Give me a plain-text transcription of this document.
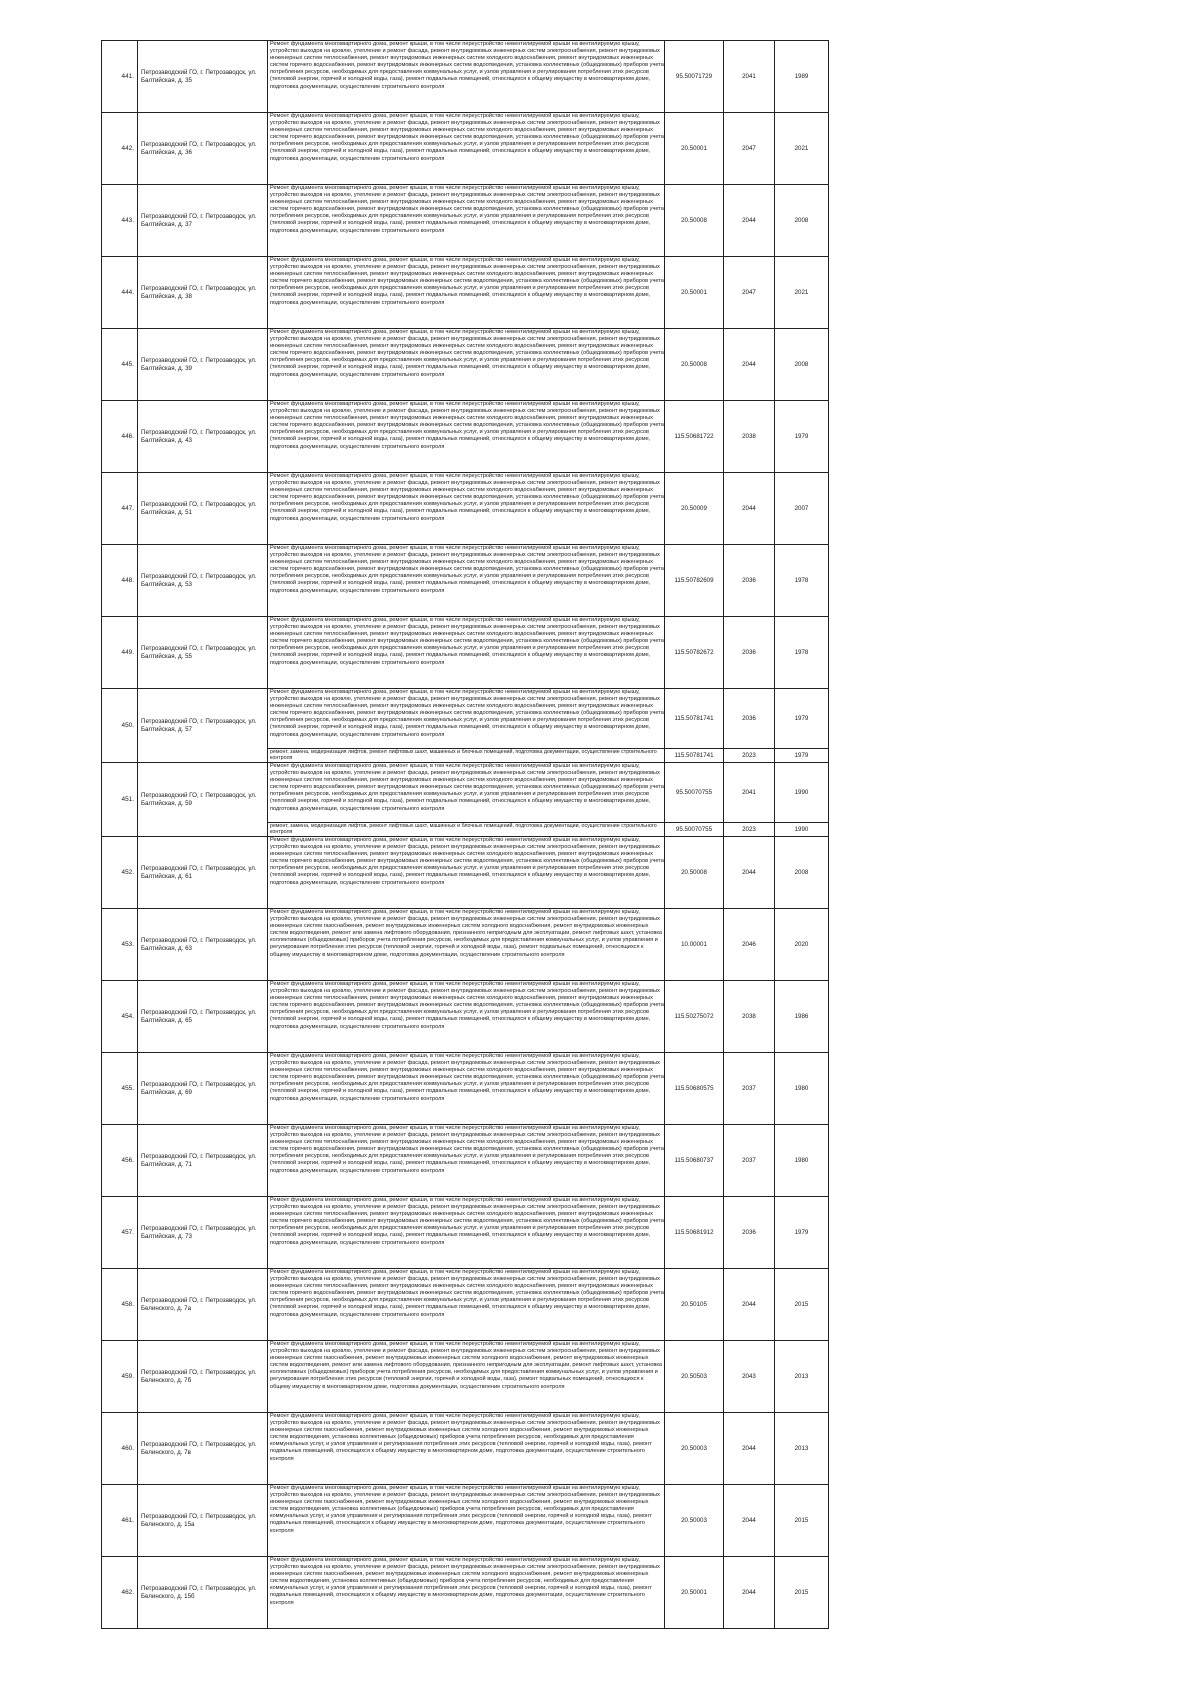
441.	Петрозаводский ГО, г. Петрозаводск, ул. Балтийская, д. 35	Ремонт фундамента многоквартирного дома, ремонт крыши, в том числе переустройство невентилируемой крыши на вентилируемую крышу, устройство выходов на кровлю, утепление и ремонт фасада, ремонт внутридомовых инженерных систем электроснабжения, ремонт внутридомовых инженерных систем теплоснабжения, ремонт внутридомовых инженерных систем холодного водоснабжения, ремонт внутридомовых инженерных систем горячего водоснабжения, ремонт внутридомовых инженерных систем водоотведения, установка коллективных (общедомовых) приборов учета потребления ресурсов, необходимых для предоставления коммунальных услуг, и узлов управления и регулирования потребления этих ресурсов (тепловой энергии, горячей и холодной воды, газа), ремонт подвальных помещений, относящихся к общему имуществу в многоквартирном доме, подготовка документации, осуществление строительного контроля	95.50071729	2041	1989
442.	Петрозаводский ГО, г. Петрозаводск, ул. Балтийская, д. 36	Ремонт фундамента многоквартирного дома, ремонт крыши, в том числе переустройство невентилируемой крыши на вентилируемую крышу, устройство выходов на кровлю, утепление и ремонт фасада, ремонт внутридомовых инженерных систем электроснабжения, ремонт внутридомовых инженерных систем теплоснабжения, ремонт внутридомовых инженерных систем холодного водоснабжения, ремонт внутридомовых инженерных систем горячего водоснабжения, ремонт внутридомовых инженерных систем водоотведения, установка коллективных (общедомовых) приборов учета потребления ресурсов, необходимых для предоставления коммунальных услуг, и узлов управления и регулирования потребления этих ресурсов (тепловой энергии, горячей и холодной воды, газа), ремонт подвальных помещений, относящихся к общему имуществу в многоквартирном доме, подготовка документации, осуществление строительного контроля	20.50001	2047	2021
443.	Петрозаводский ГО, г. Петрозаводск, ул. Балтийская, д. 37	Ремонт фундамента многоквартирного дома, ремонт крыши, в том числе переустройство невентилируемой крыши на вентилируемую крышу, устройство выходов на кровлю, утепление и ремонт фасада, ремонт внутридомовых инженерных систем электроснабжения, ремонт внутридомовых инженерных систем теплоснабжения, ремонт внутридомовых инженерных систем холодного водоснабжения, ремонт внутридомовых инженерных систем горячего водоснабжения, ремонт внутридомовых инженерных систем водоотведения, установка коллективных (общедомовых) приборов учета потребления ресурсов, необходимых для предоставления коммунальных услуг, и узлов управления и регулирования потребления этих ресурсов (тепловой энергии, горячей и холодной воды, газа), ремонт подвальных помещений, относящихся к общему имуществу в многоквартирном доме, подготовка документации, осуществление строительного контроля	20.50008	2044	2008
444.	Петрозаводский ГО, г. Петрозаводск, ул. Балтийская, д. 38	Ремонт фундамента многоквартирного дома, ремонт крыши, в том числе переустройство невентилируемой крыши на вентилируемую крышу, устройство выходов на кровлю, утепление и ремонт фасада, ремонт внутридомовых инженерных систем электроснабжения, ремонт внутридомовых инженерных систем теплоснабжения, ремонт внутридомовых инженерных систем холодного водоснабжения, ремонт внутридомовых инженерных систем горячего водоснабжения, ремонт внутридомовых инженерных систем водоотведения, установка коллективных (общедомовых) приборов учета потребления ресурсов, необходимых для предоставления коммунальных услуг, и узлов управления и регулирования потребления этих ресурсов (тепловой энергии, горячей и холодной воды, газа), ремонт подвальных помещений, относящихся к общему имуществу в многоквартирном доме, подготовка документации, осуществление строительного контроля	20.50001	2047	2021
445.	Петрозаводский ГО, г. Петрозаводск, ул. Балтийская, д. 39	Ремонт фундамента многоквартирного дома, ремонт крыши, в том числе переустройство невентилируемой крыши на вентилируемую крышу, устройство выходов на кровлю, утепление и ремонт фасада, ремонт внутридомовых инженерных систем электроснабжения, ремонт внутридомовых инженерных систем теплоснабжения, ремонт внутридомовых инженерных систем холодного водоснабжения, ремонт внутридомовых инженерных систем горячего водоснабжения, ремонт внутридомовых инженерных систем водоотведения, установка коллективных (общедомовых) приборов учета потребления ресурсов, необходимых для предоставления коммунальных услуг, и узлов управления и регулирования потребления этих ресурсов (тепловой энергии, горячей и холодной воды, газа), ремонт подвальных помещений, относящихся к общему имуществу в многоквартирном доме, подготовка документации, осуществление строительного контроля	20.50008	2044	2008
446.	Петрозаводский ГО, г. Петрозаводск, ул. Балтийская, д. 43	Ремонт фундамента многоквартирного дома, ремонт крыши, в том числе переустройство невентилируемой крыши на вентилируемую крышу, устройство выходов на кровлю, утепление и ремонт фасада, ремонт внутридомовых инженерных систем электроснабжения, ремонт внутридомовых инженерных систем теплоснабжения, ремонт внутридомовых инженерных систем холодного водоснабжения, ремонт внутридомовых инженерных систем горячего водоснабжения, ремонт внутридомовых инженерных систем водоотведения, установка коллективных (общедомовых) приборов учета потребления ресурсов, необходимых для предоставления коммунальных услуг, и узлов управления и регулирования потребления этих ресурсов (тепловой энергии, горячей и холодной воды, газа), ремонт подвальных помещений, относящихся к общему имуществу в многоквартирном доме, подготовка документации, осуществление строительного контроля	115.50681722	2038	1979
447.	Петрозаводский ГО, г. Петрозаводск, ул. Балтийская, д. 51	Ремонт фундамента многоквартирного дома, ремонт крыши, в том числе переустройство невентилируемой крыши на вентилируемую крышу, устройство выходов на кровлю, утепление и ремонт фасада, ремонт внутридомовых инженерных систем электроснабжения, ремонт внутридомовых инженерных систем теплоснабжения, ремонт внутридомовых инженерных систем холодного водоснабжения, ремонт внутридомовых инженерных систем горячего водоснабжения, ремонт внутридомовых инженерных систем водоотведения, установка коллективных (общедомовых) приборов учета потребления ресурсов, необходимых для предоставления коммунальных услуг, и узлов управления и регулирования потребления этих ресурсов (тепловой энергии, горячей и холодной воды, газа), ремонт подвальных помещений, относящихся к общему имуществу в многоквартирном доме, подготовка документации, осуществление строительного контроля	20.50009	2044	2007
448.	Петрозаводский ГО, г. Петрозаводск, ул. Балтийская, д. 53	Ремонт фундамента многоквартирного дома, ремонт крыши, в том числе переустройство невентилируемой крыши на вентилируемую крышу, устройство выходов на кровлю, утепление и ремонт фасада, ремонт внутридомовых инженерных систем электроснабжения, ремонт внутридомовых инженерных систем теплоснабжения, ремонт внутридомовых инженерных систем холодного водоснабжения, ремонт внутридомовых инженерных систем горячего водоснабжения, ремонт внутридомовых инженерных систем водоотведения, установка коллективных (общедомовых) приборов учета потребления ресурсов, необходимых для предоставления коммунальных услуг, и узлов управления и регулирования потребления этих ресурсов (тепловой энергии, горячей и холодной воды, газа), ремонт подвальных помещений, относящихся к общему имуществу в многоквартирном доме, подготовка документации, осуществление строительного контроля	115.50782609	2036	1978
449.	Петрозаводский ГО, г. Петрозаводск, ул. Балтийская, д. 55	Ремонт фундамента многоквартирного дома, ремонт крыши, в том числе переустройство невентилируемой крыши на вентилируемую крышу, устройство выходов на кровлю, утепление и ремонт фасада, ремонт внутридомовых инженерных систем электроснабжения, ремонт внутридомовых инженерных систем теплоснабжения, ремонт внутридомовых инженерных систем холодного водоснабжения, ремонт внутридомовых инженерных систем горячего водоснабжения, ремонт внутридомовых инженерных систем водоотведения, установка коллективных (общедомовых) приборов учета потребления ресурсов, необходимых для предоставления коммунальных услуг, и узлов управления и регулирования потребления этих ресурсов (тепловой энергии, горячей и холодной воды, газа), ремонт подвальных помещений, относящихся к общему имуществу в многоквартирном доме, подготовка документации, осуществление строительного контроля	115.50782672	2036	1978
450.	Петрозаводский ГО, г. Петрозаводск, ул. Балтийская, д. 57	Ремонт фундамента многоквартирного дома, ремонт крыши, в том числе переустройство невентилируемой крыши на вентилируемую крышу, устройство выходов на кровлю, утепление и ремонт фасада, ремонт внутридомовых инженерных систем электроснабжения, ремонт внутридомовых инженерных систем теплоснабжения, ремонт внутридомовых инженерных систем холодного водоснабжения, ремонт внутридомовых инженерных систем горячего водоснабжения, ремонт внутридомовых инженерных систем водоотведения, установка коллективных (общедомовых) приборов учета потребления ресурсов, необходимых для предоставления коммунальных услуг, и узлов управления и регулирования потребления этих ресурсов (тепловой энергии, горячей и холодной воды, газа), ремонт подвальных помещений, относящихся к общему имуществу в многоквартирном доме, подготовка документации, осуществление строительного контроля	115.50781741	2036	1979

		ремонт, замена, модернизация лифтов, ремонт лифтовых шахт, машинных и блочных помещений, подготовка документации, осуществление строительного контроля	115.50781741	2023	1979
451.	Петрозаводский ГО, г. Петрозаводск, ул. Балтийская, д. 59	Ремонт фундамента многоквартирного дома, ремонт крыши, в том числе переустройство невентилируемой крыши на вентилируемую крышу, устройство выходов на кровлю, утепление и ремонт фасада, ремонт внутридомовых инженерных систем электроснабжения, ремонт внутридомовых инженерных систем теплоснабжения, ремонт внутридомовых инженерных систем холодного водоснабжения, ремонт внутридомовых инженерных систем горячего водоснабжения, ремонт внутридомовых инженерных систем водоотведения, установка коллективных (общедомовых) приборов учета потребления ресурсов, необходимых для предоставления коммунальных услуг, и узлов управления и регулирования потребления этих ресурсов (тепловой энергии, горячей и холодной воды, газа), ремонт подвальных помещений, относящихся к общему имуществу в многоквартирном доме, подготовка документации, осуществление строительного контроля	95.50070755	2041	1990

		ремонт, замена, модернизация лифтов, ремонт лифтовых шахт, машинных и блочных помещений, подготовка документации, осуществление строительного контроля	95.50070755	2023	1990
452.	Петрозаводский ГО, г. Петрозаводск, ул. Балтийская, д. 61	Ремонт фундамента многоквартирного дома, ремонт крыши, в том числе переустройство невентилируемой крыши на вентилируемую крышу, устройство выходов на кровлю, утепление и ремонт фасада, ремонт внутридомовых инженерных систем электроснабжения, ремонт внутридомовых инженерных систем теплоснабжения, ремонт внутридомовых инженерных систем холодного водоснабжения, ремонт внутридомовых инженерных систем горячего водоснабжения, ремонт внутридомовых инженерных систем водоотведения, установка коллективных (общедомовых) приборов учета потребления ресурсов, необходимых для предоставления коммунальных услуг, и узлов управления и регулирования потребления этих ресурсов (тепловой энергии, горячей и холодной воды, газа), ремонт подвальных помещений, относящихся к общему имуществу в многоквартирном доме, подготовка документации, осуществление строительного контроля	20.50008	2044	2008
453.	Петрозаводский ГО, г. Петрозаводск, ул. Балтийская, д. 63	Ремонт фундамента многоквартирного дома, ремонт крыши, в том числе переустройство невентилируемой крыши на вентилируемую крышу, устройство выходов на кровлю, утепление и ремонт фасада, ремонт внутридомовых инженерных систем электроснабжения, ремонт внутридомовых инженерных систем газоснабжения, ремонт внутридомовых инженерных систем холодного водоснабжения, ремонт внутридомовых инженерных систем водоотведения, ремонт или замена лифтового оборудования, признанного непригодным для эксплуатации, ремонт лифтовых шахт, установка коллективных (общедомовых) приборов учета потребления ресурсов, необходимых для предоставления коммунальных услуг, и узлов управления и регулирования потребления этих ресурсов (тепловой энергии, горячей и холодной воды, газа), ремонт подвальных помещений, относящихся к общему имуществу в многоквартирном доме, подготовка документации, осуществление строительного контроля	10.00001	2046	2020
454.	Петрозаводский ГО, г. Петрозаводск, ул. Балтийская, д. 65	Ремонт фундамента многоквартирного дома, ремонт крыши, в том числе переустройство невентилируемой крыши на вентилируемую крышу, устройство выходов на кровлю, утепление и ремонт фасада, ремонт внутридомовых инженерных систем электроснабжения, ремонт внутридомовых инженерных систем теплоснабжения, ремонт внутридомовых инженерных систем холодного водоснабжения, ремонт внутридомовых инженерных систем горячего водоснабжения, ремонт внутридомовых инженерных систем водоотведения, установка коллективных (общедомовых) приборов учета потребления ресурсов, необходимых для предоставления коммунальных услуг, и узлов управления и регулирования потребления этих ресурсов (тепловой энергии, горячей и холодной воды, газа), ремонт подвальных помещений, относящихся к общему имуществу в многоквартирном доме, подготовка документации, осуществление строительного контроля	115.50275072	2038	1986
455.	Петрозаводский ГО, г. Петрозаводск, ул. Балтийская, д. 69	Ремонт фундамента многоквартирного дома, ремонт крыши, в том числе переустройство невентилируемой крыши на вентилируемую крышу, устройство выходов на кровлю, утепление и ремонт фасада, ремонт внутридомовых инженерных систем электроснабжения, ремонт внутридомовых инженерных систем теплоснабжения, ремонт внутридомовых инженерных систем холодного водоснабжения, ремонт внутридомовых инженерных систем горячего водоснабжения, ремонт внутридомовых инженерных систем водоотведения, установка коллективных (общедомовых) приборов учета потребления ресурсов, необходимых для предоставления коммунальных услуг, и узлов управления и регулирования потребления этих ресурсов (тепловой энергии, горячей и холодной воды, газа), ремонт подвальных помещений, относящихся к общему имуществу в многоквартирном доме, подготовка документации, осуществление строительного контроля	115.50680575	2037	1980
456.	Петрозаводский ГО, г. Петрозаводск, ул. Балтийская, д. 71	Ремонт фундамента многоквартирного дома, ремонт крыши, в том числе переустройство невентилируемой крыши на вентилируемую крышу, устройство выходов на кровлю, утепление и ремонт фасада, ремонт внутридомовых инженерных систем электроснабжения, ремонт внутридомовых инженерных систем теплоснабжения, ремонт внутридомовых инженерных систем холодного водоснабжения, ремонт внутридомовых инженерных систем горячего водоснабжения, ремонт внутридомовых инженерных систем водоотведения, установка коллективных (общедомовых) приборов учета потребления ресурсов, необходимых для предоставления коммунальных услуг, и узлов управления и регулирования потребления этих ресурсов (тепловой энергии, горячей и холодной воды, газа), ремонт подвальных помещений, относящихся к общему имуществу в многоквартирном доме, подготовка документации, осуществление строительного контроля	115.50680737	2037	1980
457.	Петрозаводский ГО, г. Петрозаводск, ул. Балтийская, д. 73	Ремонт фундамента многоквартирного дома, ремонт крыши, в том числе переустройство невентилируемой крыши на вентилируемую крышу, устройство выходов на кровлю, утепление и ремонт фасада, ремонт внутридомовых инженерных систем электроснабжения, ремонт внутридомовых инженерных систем теплоснабжения, ремонт внутридомовых инженерных систем холодного водоснабжения, ремонт внутридомовых инженерных систем горячего водоснабжения, ремонт внутридомовых инженерных систем водоотведения, установка коллективных (общедомовых) приборов учета потребления ресурсов, необходимых для предоставления коммунальных услуг, и узлов управления и регулирования потребления этих ресурсов (тепловой энергии, горячей и холодной воды, газа), ремонт подвальных помещений, относящихся к общему имуществу в многоквартирном доме, подготовка документации, осуществление строительного контроля	115.50681912	2036	1979
458.	Петрозаводский ГО, г. Петрозаводск, ул. Белинского, д. 7а	Ремонт фундамента многоквартирного дома, ремонт крыши, в том числе переустройство невентилируемой крыши на вентилируемую крышу, устройство выходов на кровлю, утепление и ремонт фасада, ремонт внутридомовых инженерных систем электроснабжения, ремонт внутридомовых инженерных систем теплоснабжения, ремонт внутридомовых инженерных систем холодного водоснабжения, ремонт внутридомовых инженерных систем горячего водоснабжения, ремонт внутридомовых инженерных систем водоотведения, установка коллективных (общедомовых) приборов учета потребления ресурсов, необходимых для предоставления коммунальных услуг, и узлов управления и регулирования потребления этих ресурсов (тепловой энергии, горячей и холодной воды, газа), ремонт подвальных помещений, относящихся к общему имуществу в многоквартирном доме, подготовка документации, осуществление строительного контроля	20.50105	2044	2015
459.	Петрозаводский ГО, г. Петрозаводск, ул. Белинского, д. 7б	Ремонт фундамента многоквартирного дома, ремонт крыши, в том числе переустройство невентилируемой крыши на вентилируемую крышу, устройство выходов на кровлю, утепление и ремонт фасада, ремонт внутридомовых инженерных систем электроснабжения, ремонт внутридомовых инженерных систем газоснабжения, ремонт внутридомовых инженерных систем холодного водоснабжения, ремонт внутридомовых инженерных систем водоотведения, ремонт или замена лифтового оборудования, признанного непригодным для эксплуатации, ремонт лифтовых шахт, установка коллективных (общедомовых) приборов учета потребления ресурсов, необходимых для предоставления коммунальных услуг, и узлов управления и регулирования потребления этих ресурсов (тепловой энергии, горячей и холодной воды, газа), ремонт подвальных помещений, относящихся к общему имуществу в многоквартирном доме, подготовка документации, осуществление строительного контроля	20.50503	2043	2013
460.	Петрозаводский ГО, г. Петрозаводск, ул. Белинского, д. 7в	Ремонт фундамента многоквартирного дома, ремонт крыши, в том числе переустройство невентилируемой крыши на вентилируемую крышу, устройство выходов на кровлю, утепление и ремонт фасада, ремонт внутридомовых инженерных систем электроснабжения, ремонт внутридомовых инженерных систем газоснабжения, ремонт внутридомовых инженерных систем холодного водоснабжения, ремонт внутридомовых инженерных систем водоотведения, установка коллективных (общедомовых) приборов учета потребления ресурсов, необходимых для предоставления коммунальных услуг, и узлов управления и регулирования потребления этих ресурсов (тепловой энергии, горячей и холодной воды, газа), ремонт подвальных помещений, относящихся к общему имуществу в многоквартирном доме, подготовка документации, осуществление строительного контроля	20.50003	2044	2013
461.	Петрозаводский ГО, г. Петрозаводск, ул. Белинского, д. 15а	Ремонт фундамента многоквартирного дома, ремонт крыши, в том числе переустройство невентилируемой крыши на вентилируемую крышу, устройство выходов на кровлю, утепление и ремонт фасада, ремонт внутридомовых инженерных систем электроснабжения, ремонт внутридомовых инженерных систем газоснабжения, ремонт внутридомовых инженерных систем холодного водоснабжения, ремонт внутридомовых инженерных систем водоотведения, установка коллективных (общедомовых) приборов учета потребления ресурсов, необходимых для предоставления коммунальных услуг, и узлов управления и регулирования потребления этих ресурсов (тепловой энергии, горячей и холодной воды, газа), ремонт подвальных помещений, относящихся к общему имуществу в многоквартирном доме, подготовка документации, осуществление строительного контроля	20.50003	2044	2015
462.	Петрозаводский ГО, г. Петрозаводск, ул. Белинского, д. 15б	Ремонт фундамента многоквартирного дома, ремонт крыши, в том числе переустройство невентилируемой крыши на вентилируемую крышу, устройство выходов на кровлю, утепление и ремонт фасада, ремонт внутридомовых инженерных систем электроснабжения, ремонт внутридомовых инженерных систем газоснабжения, ремонт внутридомовых инженерных систем холодного водоснабжения, ремонт внутридомовых инженерных систем водоотведения, установка коллективных (общедомовых) приборов учета потребления ресурсов, необходимых для предоставления коммунальных услуг, и узлов управления и регулирования потребления этих ресурсов (тепловой энергии, горячей и холодной воды, газа), ремонт подвальных помещений, относящихся к общему имуществу в многоквартирном доме, подготовка документации, осуществление строительного контроля	20.50001	2044	2015
